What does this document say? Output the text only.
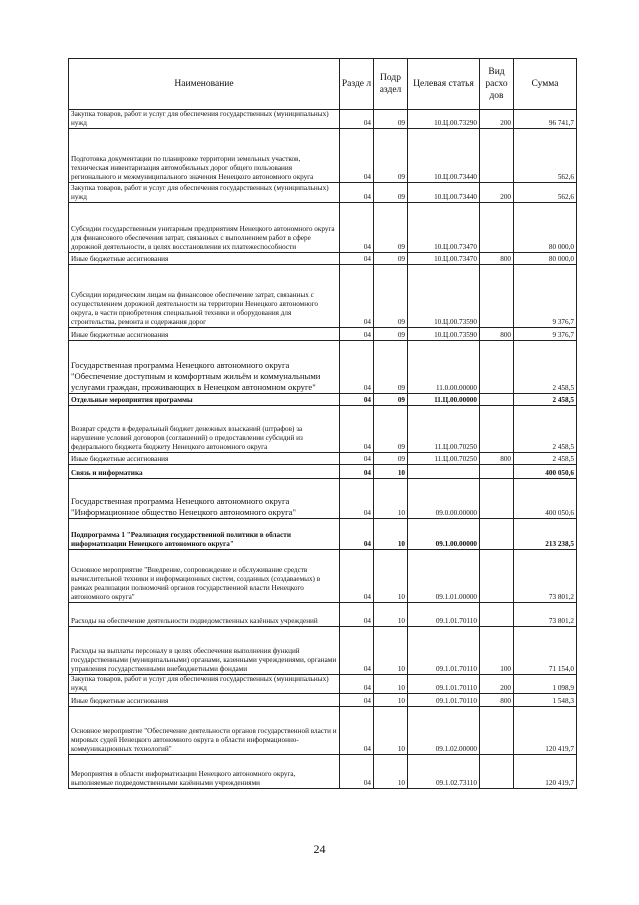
Наименование	Разде л	Подр аздел	Целевая статья	Вид расхо дов	Сумма
Закупка товаров, работ и услуг для обеспечения государственных (муниципальных) нужд	04	09	10.Ц.00.73290	200	96 741,7
Подготовка документации по планировке территории земельных участков, техническая инвентаризация автомобильных дорог общего пользования регионального и межмуниципального значения Ненецкого автономного округа	04	09	10.Ц.00.73440		562,6
Закупка товаров, работ и услуг для обеспечения государственных (муниципальных) нужд	04	09	10.Ц.00.73440	200	562,6
Субсидии государственным унитарным предприятиям Ненецкого автономного округа для финансового обеспечения затрат, связанных с выполнением работ в сфере дорожной деятельности, в целях восстановления их платежеспособности	04	09	10.Ц.00.73470		80 000,0
Иные бюджетные ассигнования	04	09	10.Ц.00.73470	800	80 000,0
Субсидии юридическим лицам на финансовое обеспечение затрат, связанных с осуществлением дорожной деятельности на территории Ненецкого автономного округа, в части приобретения специальной техники и оборудования для строительства, ремонта и содержания дорог	04	09	10.Ц.00.73590		9 376,7
Иные бюджетные ассигнования	04	09	10.Ц.00.73590	800	9 376,7
Государственная программа Ненецкого автономного округа "Обеспечение доступным и комфортным жильём и коммунальными услугами граждан, проживающих в Ненецком автономном округе"	04	09	11.0.00.00000		2 458,5
Отдельные мероприятия программы	04	09	11.Ц.00.00000		2 458,5
Возврат средств в федеральный бюджет денежных взысканий (штрафов) за нарушение условий договоров (соглашений) о предоставлении субсидий из федерального бюджета бюджету Ненецкого автономного округа	04	09	11.Ц.00.70250		2 458,5
Иные бюджетные ассигнования	04	09	11.Ц.00.70250	800	2 458,5
Связь и информатика	04	10			400 050,6
Государственная программа Ненецкого автономного округа "Информационное общество Ненецкого автономного округа"	04	10	09.0.00.00000		400 050,6
Подпрограмма 1 "Реализация государственной политики в области информатизации Ненецкого автономного округа"	04	10	09.1.00.00000		213 238,5
Основное мероприятие "Внедрение, сопровождение и обслуживание средств вычислительной техники и информационных систем, созданных (создаваемых) в рамках реализации полномочий органов государственной власти Ненецкого автономного округа"	04	10	09.1.01.00000		73 801,2
Расходы на обеспечение деятельности подведомственных казённых учреждений	04	10	09.1.01.70110		73 801,2
Расходы на выплаты персоналу в целях обеспечения выполнения функций государственными (муниципальными) органами, казенными учреждениями, органами управления государственными внебюджетными фондами	04	10	09.1.01.70110	100	71 154,0
Закупка товаров, работ и услуг для обеспечения государственных (муниципальных) нужд	04	10	09.1.01.70110	200	1 098,9
Иные бюджетные ассигнования	04	10	09.1.01.70110	800	1 548,3
Основное мероприятие "Обеспечение деятельности органов государственной власти и мировых судей Ненецкого автономного округа в области информационно-коммуникационных технологий"	04	10	09.1.02.00000		120 419,7
Мероприятия в области информатизации Ненецкого автономного округа, выполняемые подведомственными казёнными учреждениями	04	10	09.1.02.73110		120 419,7
24
